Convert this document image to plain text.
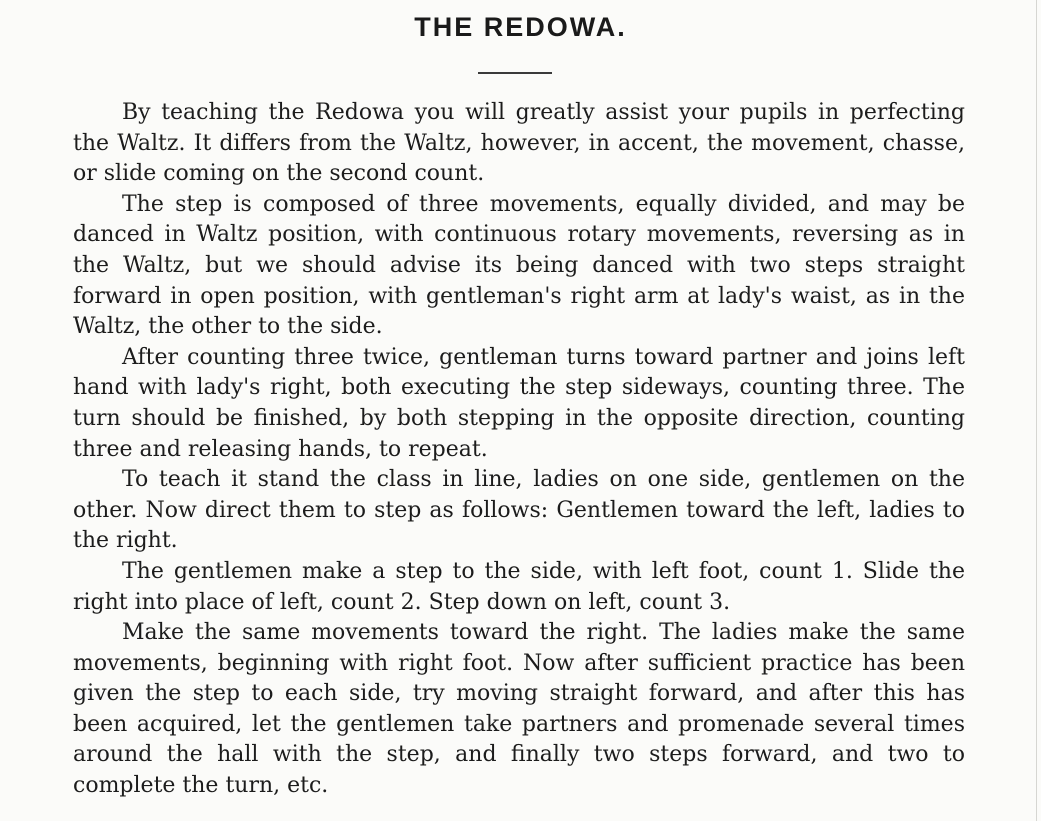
THE REDOWA.

By teaching the Redowa you will greatly assist your pupils in perfecting the Waltz. It differs from the Waltz, however, in accent, the movement, chasse, or slide coming on the second count.

The step is composed of three movements, equally divided, and may be danced in Waltz position, with continuous rotary movements, reversing as in the Waltz, but we should advise its being danced with two steps straight forward in open position, with gentleman's right arm at lady's waist, as in the Waltz, the other to the side.

After counting three twice, gentleman turns toward partner and joins left hand with lady's right, both executing the step sideways, counting three. The turn should be finished, by both stepping in the opposite direction, counting three and releasing hands, to repeat.

To teach it stand the class in line, ladies on one side, gentlemen on the other. Now direct them to step as follows: Gentlemen toward the left, ladies to the right.

The gentlemen make a step to the side, with left foot, count 1. Slide the right into place of left, count 2. Step down on left, count 3.

Make the same movements toward the right. The ladies make the same movements, beginning with right foot. Now after sufficient practice has been given the step to each side, try moving straight forward, and after this has been acquired, let the gentlemen take partners and promenade several times around the hall with the step, and finally two steps forward, and two to complete the turn, etc.
